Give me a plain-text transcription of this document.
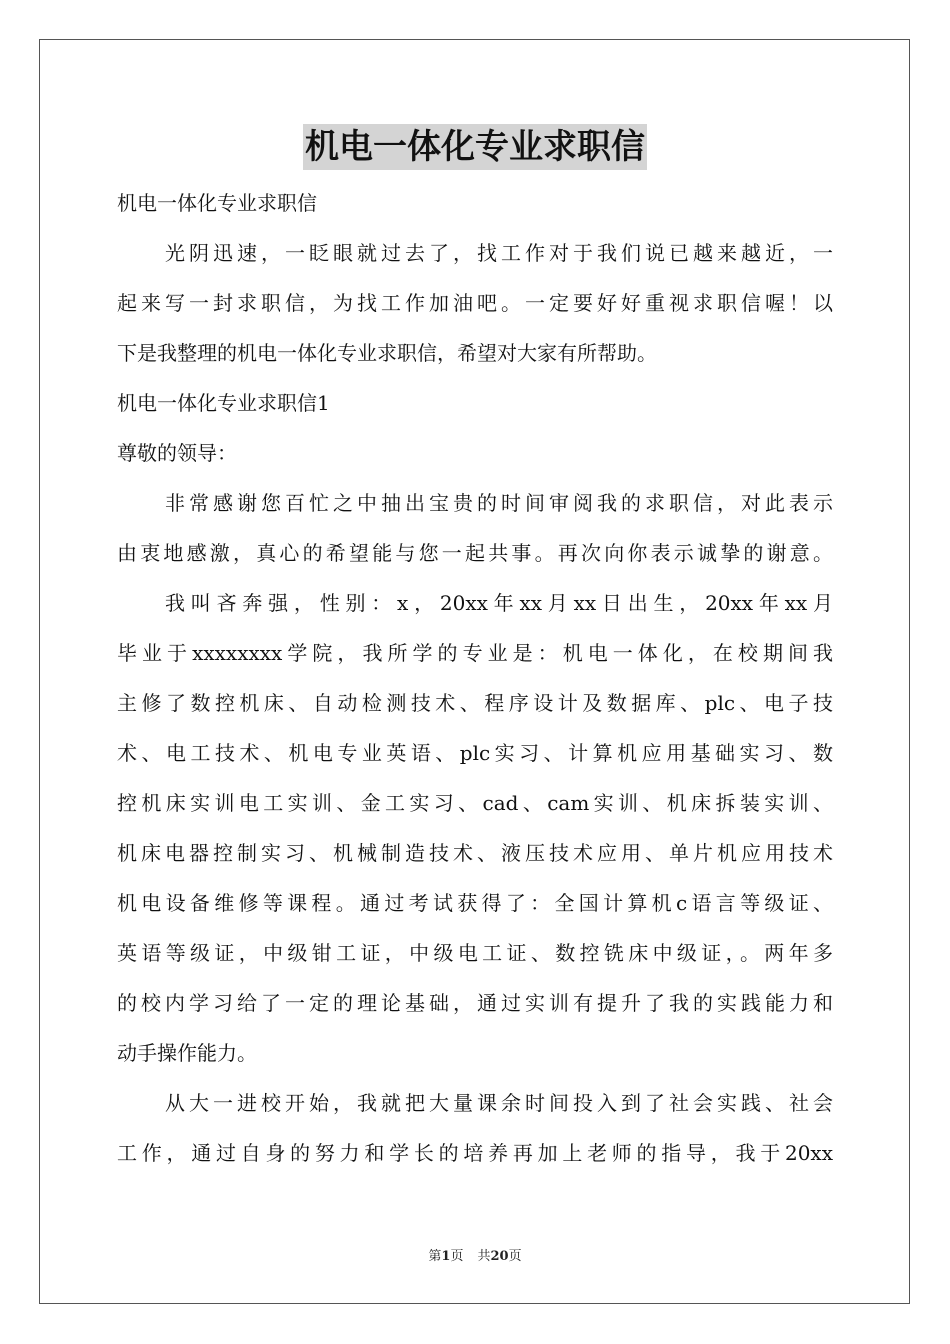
机电一体化专业求职信
机电一体化专业求职信
光阴迅速，一眨眼就过去了，找工作对于我们说已越来越近，一
起来写一封求职信，为找工作加油吧。一定要好好重视求职信喔！以
下是我整理的机电一体化专业求职信，希望对大家有所帮助。
机电一体化专业求职信1
尊敬的领导：
非常感谢您百忙之中抽出宝贵的时间审阅我的求职信，对此表示
由衷地感激，真心的希望能与您一起共事。再次向你表示诚挚的谢意。
我叫吝奔强，性别：x，20xx年xx月xx日出生，20xx年xx月
毕业于xxxxxxxx学院，我所学的专业是：机电一体化，在校期间我
主修了数控机床、自动检测技术、程序设计及数据库、plc、电子技
术、电工技术、机电专业英语、plc实习、计算机应用基础实习、数
控机床实训电工实训、金工实习、cad、cam实训、机床拆装实训、
机床电器控制实习、机械制造技术、液压技术应用、单片机应用技术
机电设备维修等课程。通过考试获得了：全国计算机c语言等级证、
英语等级证，中级钳工证，中级电工证、数控铣床中级证，。两年多
的校内学习给了一定的理论基础，通过实训有提升了我的实践能力和
动手操作能力。
从大一进校开始，我就把大量课余时间投入到了社会实践、社会
工作，通过自身的努力和学长的培养再加上老师的指导，我于20xx
第1页 共20页
